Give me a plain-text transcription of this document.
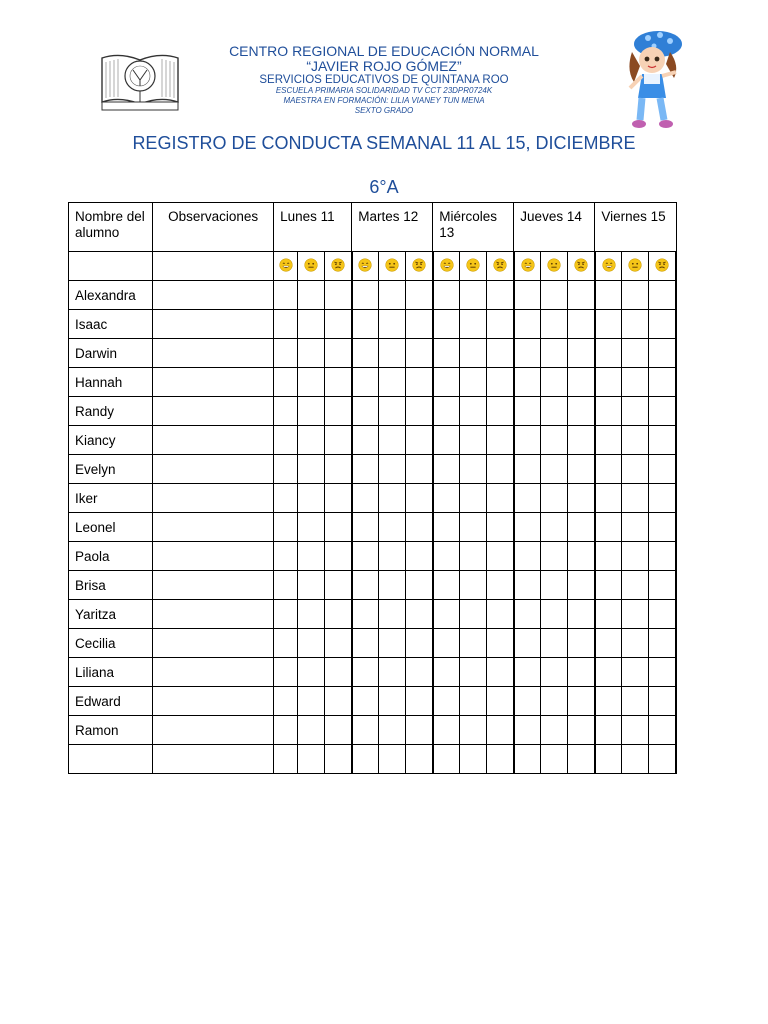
CENTRO REGIONAL DE EDUCACIÓN NORMAL
“JAVIER ROJO GÓMEZ”
SERVICIOS EDUCATIVOS DE QUINTANA ROO
ESCUELA PRIMARIA SOLIDARIDAD TV CCT 23DPR0724K
MAESTRA EN FORMACIÓN: LILIA VIANEY TUN MENA
SEXTO GRADO
REGISTRO DE CONDUCTA SEMANAL 11 AL 15, DICIEMBRE
6°A
Nombre del alumno	Observaciones	Lunes 11			Martes 12			Miércoles 13			Jueves 14			Viernes 15		

Alexandra																
Isaac																
Darwin																
Hannah																
Randy																
Kiancy																
Evelyn																
Iker																
Leonel																
Paola																
Brisa																
Yaritza																
Cecilia																
Liliana																
Edward																
Ramon																
